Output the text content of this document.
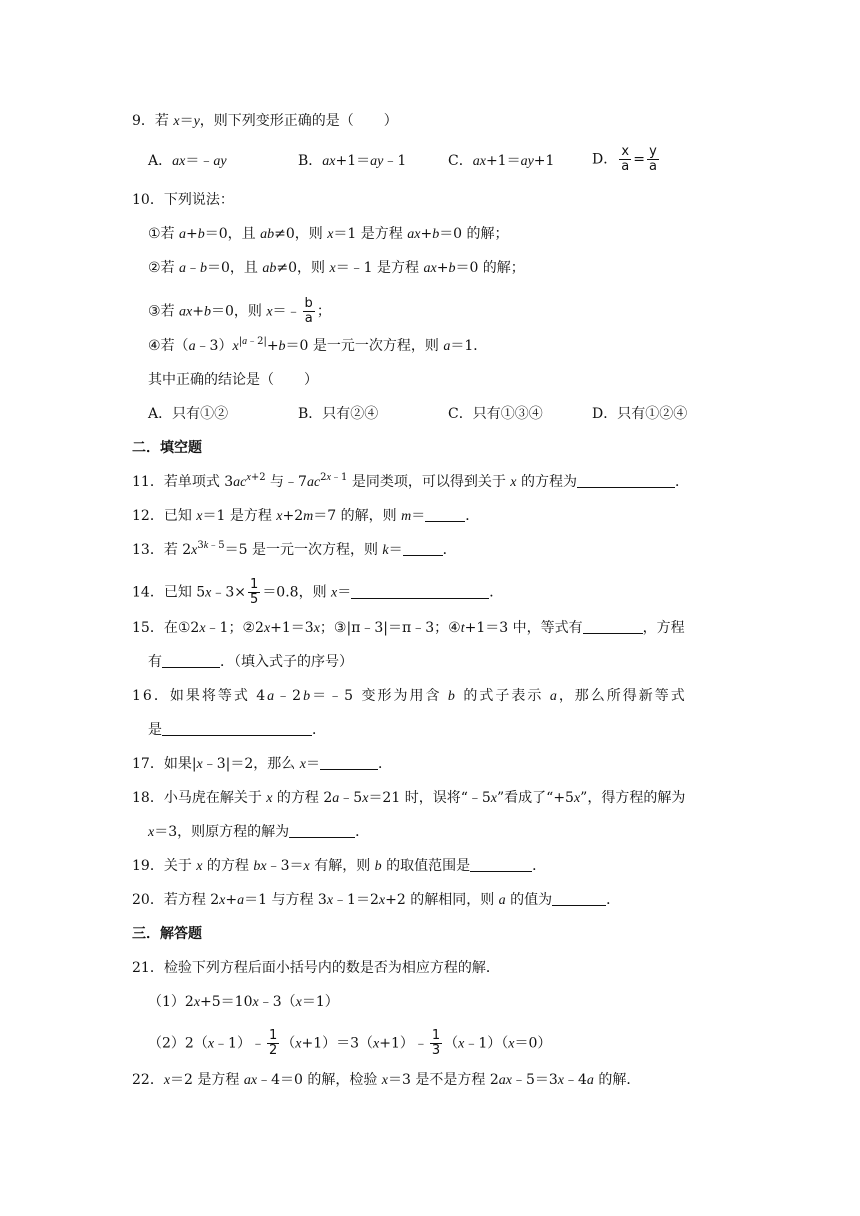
9．若 x＝y，则下列变形正确的是（ ）
A．ax＝﹣ay	B．ax+1＝ay﹣1	C．ax+1＝ay+1	D． $\frac{x}{a} = \frac{y}{a}$
10．下列说法：
①若 a+b＝0，且 ab≠0，则 x＝1 是方程 ax+b＝0 的解；
②若 a﹣b＝0，且 ab≠0，则 x＝﹣1 是方程 ax+b＝0 的解；
③若 ax+b＝0，则 x＝﹣ $\frac{b}{a}$ ；
④若$(a﹣3)x^{|a﹣2|}+b=0$ 是一元一次方程，则 a＝1．
其中正确的结论是（ ）
A．只有①②	B．只有②④	C．只有①③④	D．只有①②④
二．填空题
11．若单项式 $3ac^{x+2}$ 与$﹣7ac^{2x﹣1}$ 是同类项，可以得到关于 x 的方程为	．
12．已知 x＝1 是方程 x+2m＝7 的解，则 m＝	．
13．若 $2x^{3k﹣5}=5$ 是一元一次方程，则 k＝	．
14．已知 5x﹣3× $\frac{1}{5} =0.8$，则 x＝	．
15．在①2x﹣1；②2x+1＝3x；③|π﹣3|＝π﹣3；④t+1＝3 中，等式有	，方程
有	．（填入式子的序号）
16．如果将等式 4a﹣2b＝﹣5 变形为用含 b 的式子表示 a，那么所得新等式
是	．
17．如果|x﹣3|＝2，那么 x＝	．
18．小马虎在解关于 x 的方程 2a﹣5x＝21 时，误将“﹣5x”看成了“+5x”，得方程的解为
x＝3，则原方程的解为	．
19．关于 x 的方程 bx﹣3＝x 有解，则 b 的取值范围是	．
20．若方程 2x+a＝1 与方程 3x﹣1＝2x+2 的解相同，则 a 的值为	．
三．解答题
21．检验下列方程后面小括号内的数是否为相应方程的解．
（1）2x+5＝10x﹣3（x＝1）
（2）2（x﹣1）﹣ $\frac{1}{2}$ （x+1）＝3（x+1）﹣ $\frac{1}{3}$ （x﹣1）（x＝0）
22．x＝2 是方程 ax﹣4＝0 的解，检验 x＝3 是不是方程 2ax﹣5＝3x﹣4a 的解．
